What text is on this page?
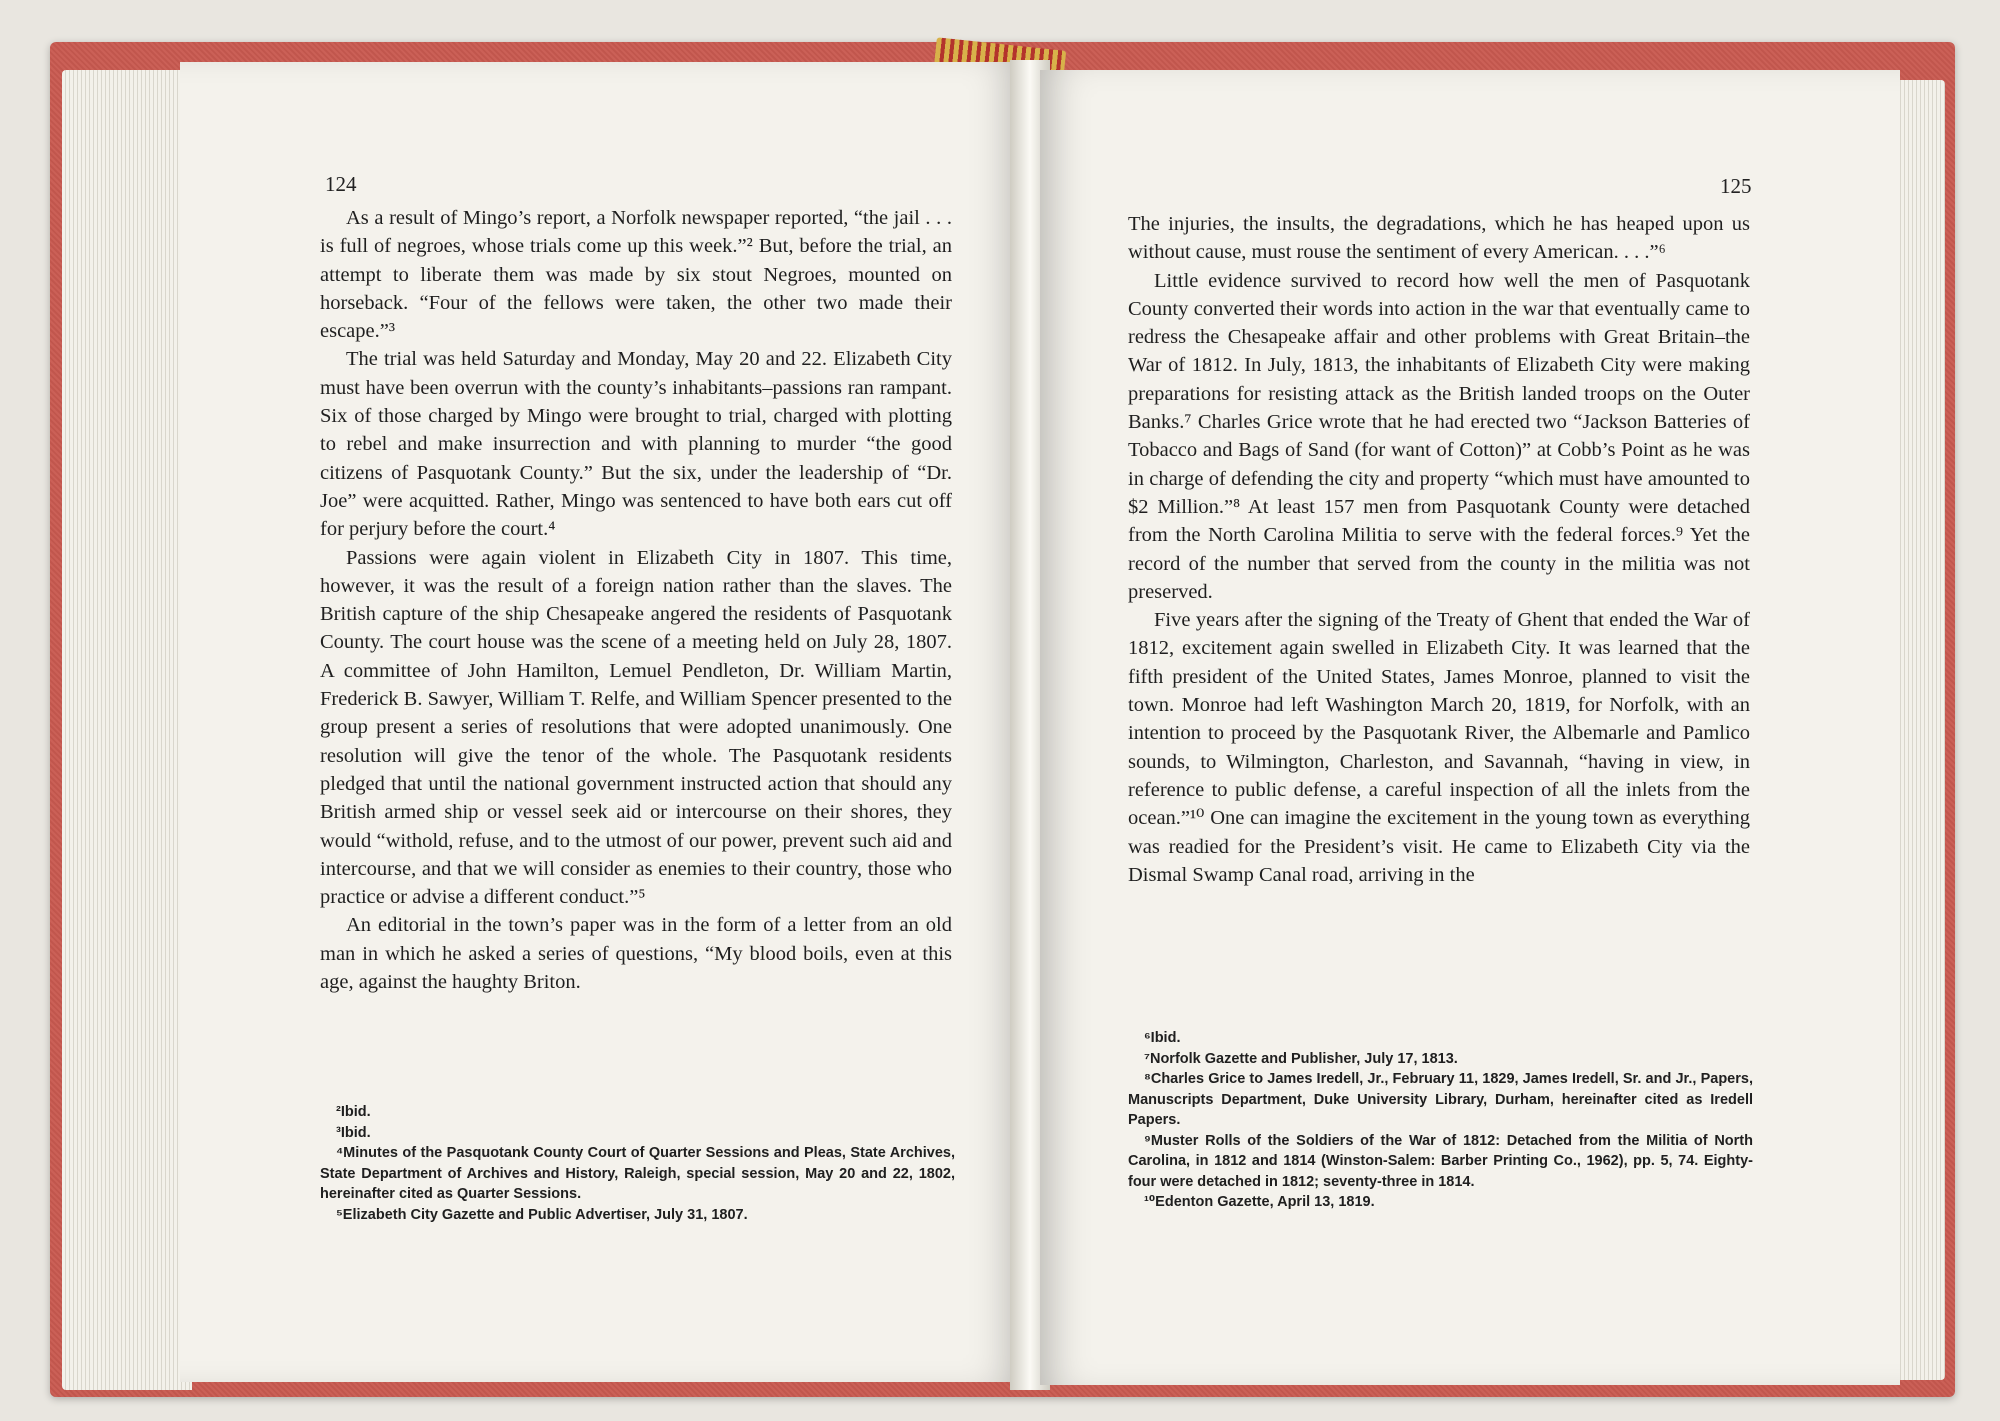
124

As a result of Mingo’s report, a Norfolk newspaper reported, “the jail . . . is full of negroes, whose trials come up this week.”² But, before the trial, an attempt to liberate them was made by six stout Negroes, mounted on horseback. “Four of the fellows were taken, the other two made their escape.”³

The trial was held Saturday and Monday, May 20 and 22. Elizabeth City must have been overrun with the county’s inhabitants–passions ran rampant. Six of those charged by Mingo were brought to trial, charged with plotting to rebel and make insurrection and with planning to murder “the good citizens of Pasquotank County.” But the six, under the leadership of “Dr. Joe” were acquitted. Rather, Mingo was sentenced to have both ears cut off for perjury before the court.⁴

Passions were again violent in Elizabeth City in 1807. This time, however, it was the result of a foreign nation rather than the slaves. The British capture of the ship Chesapeake angered the residents of Pasquotank County. The court house was the scene of a meeting held on July 28, 1807. A committee of John Hamilton, Lemuel Pendleton, Dr. William Martin, Frederick B. Sawyer, William T. Relfe, and William Spencer presented to the group present a series of resolutions that were adopted unanimously. One resolution will give the tenor of the whole. The Pasquotank residents pledged that until the national government instructed action that should any British armed ship or vessel seek aid or intercourse on their shores, they would “withold, refuse, and to the utmost of our power, prevent such aid and intercourse, and that we will consider as enemies to their country, those who practice or advise a different conduct.”⁵

An editorial in the town’s paper was in the form of a letter from an old man in which he asked a series of questions, “My blood boils, even at this age, against the haughty Briton.

²Ibid.

³Ibid.

⁴Minutes of the Pasquotank County Court of Quarter Sessions and Pleas, State Archives, State Department of Archives and History, Raleigh, special session, May 20 and 22, 1802, hereinafter cited as Quarter Sessions.

⁵Elizabeth City Gazette and Public Advertiser, July 31, 1807.

125

The injuries, the insults, the degradations, which he has heaped upon us without cause, must rouse the sentiment of every American. . . .”⁶

Little evidence survived to record how well the men of Pasquotank County converted their words into action in the war that eventually came to redress the Chesapeake affair and other problems with Great Britain–the War of 1812. In July, 1813, the inhabitants of Elizabeth City were making preparations for resisting attack as the British landed troops on the Outer Banks.⁷ Charles Grice wrote that he had erected two “Jackson Batteries of Tobacco and Bags of Sand (for want of Cotton)” at Cobb’s Point as he was in charge of defending the city and property “which must have amounted to $2 Million.”⁸ At least 157 men from Pasquotank County were detached from the North Carolina Militia to serve with the federal forces.⁹ Yet the record of the number that served from the county in the militia was not preserved.

Five years after the signing of the Treaty of Ghent that ended the War of 1812, excitement again swelled in Elizabeth City. It was learned that the fifth president of the United States, James Monroe, planned to visit the town. Monroe had left Washington March 20, 1819, for Norfolk, with an intention to proceed by the Pasquotank River, the Albemarle and Pamlico sounds, to Wilmington, Charleston, and Savannah, “having in view, in reference to public defense, a careful inspection of all the inlets from the ocean.”¹⁰ One can imagine the excitement in the young town as everything was readied for the President’s visit. He came to Elizabeth City via the Dismal Swamp Canal road, arriving in the

⁶Ibid.

⁷Norfolk Gazette and Publisher, July 17, 1813.

⁸Charles Grice to James Iredell, Jr., February 11, 1829, James Iredell, Sr. and Jr., Papers, Manuscripts Department, Duke University Library, Durham, hereinafter cited as Iredell Papers.

⁹Muster Rolls of the Soldiers of the War of 1812: Detached from the Militia of North Carolina, in 1812 and 1814 (Winston-Salem: Barber Printing Co., 1962), pp. 5, 74. Eighty-four were detached in 1812; seventy-three in 1814.

¹⁰Edenton Gazette, April 13, 1819.
